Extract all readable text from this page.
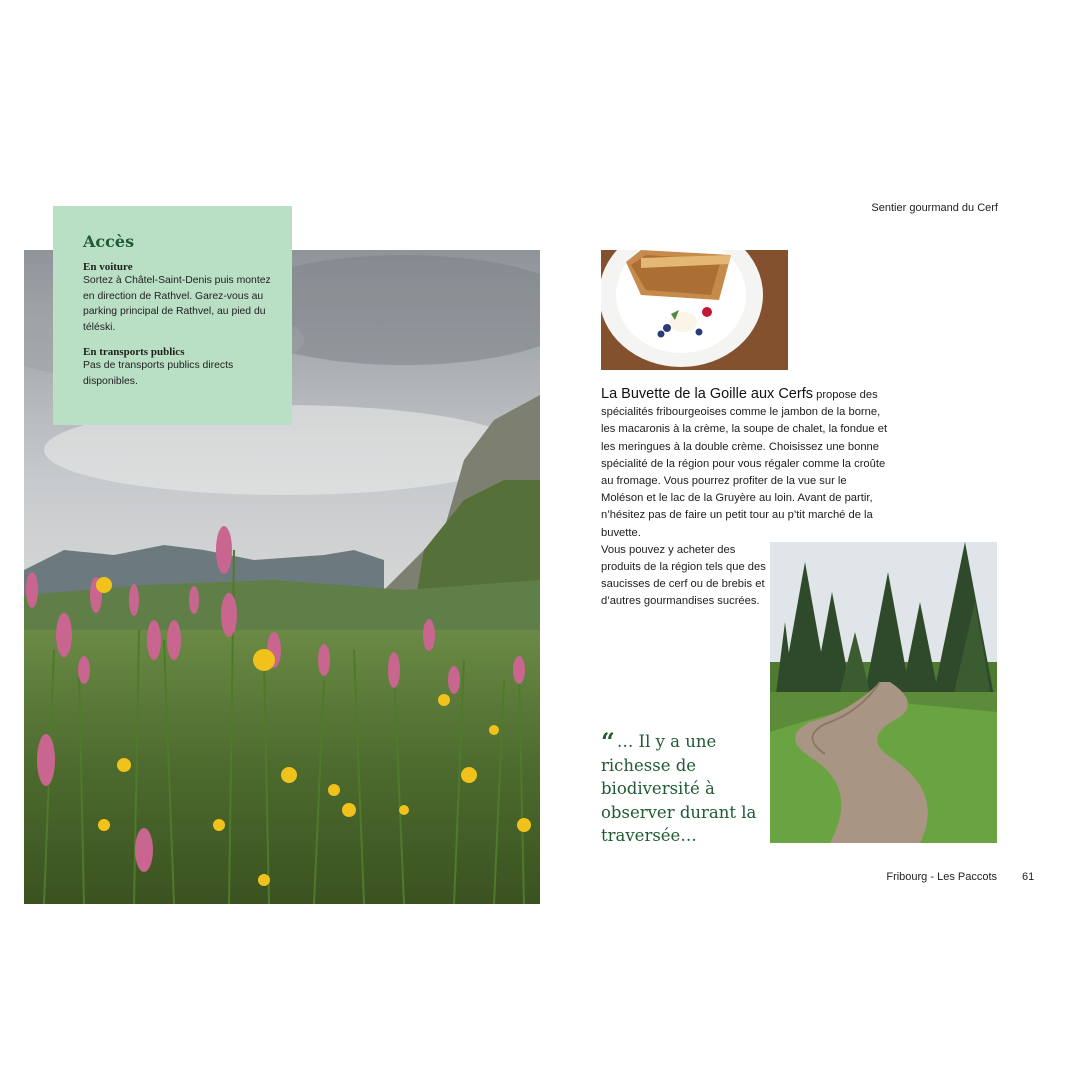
Sentier gourmand du Cerf
Accès

En voiture

Sortez à Châtel-Saint-Denis puis montez en direction de Rathvel. Garez-vous au parking principal de Rathvel, au pied du téléski.

En transports publics

Pas de transports publics directs disponibles.

La Buvette de la Goille aux Cerfs propose des spécialités fribourgeoises comme le jambon de la borne, les macaronis à la crème, la soupe de chalet, la fondue et les meringues à la double crème. Choisissez une bonne spécialité de la région pour vous régaler comme la croûte au fromage. Vous pourrez profiter de la vue sur le Moléson et le lac de la Gruyère au loin. Avant de partir, n’hésitez pas de faire un petit tour au p’tit marché de la buvette.

Vous pouvez y acheter des produits de la région tels que des saucisses de cerf ou de brebis et d’autres gourmandises sucrées.

“ … Il y a une richesse de biodiversité à observer durant la traversée…
Fribourg - Les Paccots 61
